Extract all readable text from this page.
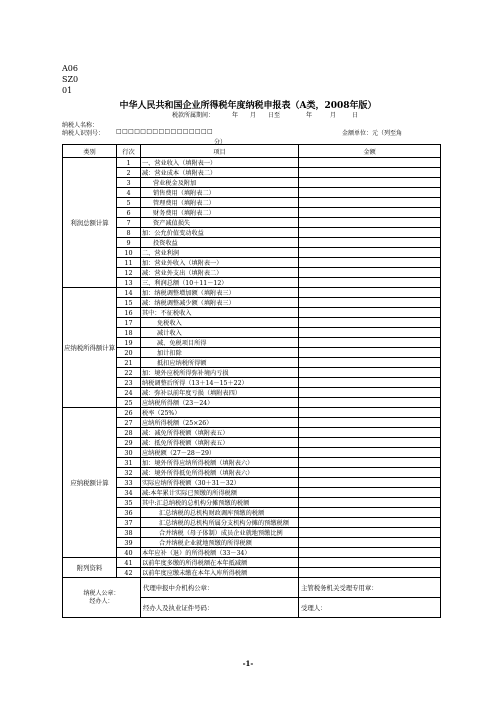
A06
SZ0
01
中华人民共和国企业所得税年度纳税申报表（A类，2008年版）
税款所属期间：	年 月 日至	年	月	日
纳税人名称：
纳税人识别号： □□□□□□□□□□□□□□□□	金额单位：元（列至角
分）
类别	行次	项目	金额
利润总额计算	1	一、营业收入（填附表一）	
	2	减：营业成本（填附表二）	
	3	营业税金及附加	
	4	销售费用（填附表二）	
	5	管理费用（填附表二）	
	6	财务费用（填附表二）	
	7	资产减值损失	
	8	加：公允价值变动收益	
	9	投资收益	
	10	二、营业利润	
	11	加：营业外收入（填附表一）	
	12	减：营业外支出（填附表二）	
	13	三、利润总额（10＋11－12）	
应纳税所得额计算	14	加：纳税调整增加额（填附表三）	
	15	减：纳税调整减少额（填附表三）	
	16	其中：不征税收入	
	17	免税收入	
	18	减计收入	
	19	减、免税项目所得	
	20	加计扣除	
	21	抵扣应纳税所得额	
	22	加：境外应税所得弥补境内亏损	
	23	纳税调整后所得（13＋14－15＋22）	
	24	减：弥补以前年度亏损（填附表四）	
	25	应纳税所得额（23－24）	
应纳税额计算	26	税率（25%）	
	27	应纳所得税额（25×26）	
	28	减：减免所得税额（填附表五）	
	29	减：抵免所得税额（填附表五）	
	30	应纳税额（27－28－29）	
	31	加：境外所得应纳所得税额（填附表六）	
	32	减：境外所得抵免所得税额（填附表六）	
	33	实际应纳所得税额（30＋31－32）	
	34	减:本年累计实际已预缴的所得税额	
	35	其中:汇总纳税的总机构分摊预缴的税额	
	36	汇总纳税的总机构财政调库预缴的税额	
	37	汇总纳税的总机构所属分支机构分摊的预缴税额	
	38	合并纳税（母子体制）成员企业就地预缴比例	
	39	合并纳税企业就地预缴的所得税额	
	40	本年应补（退）的所得税额（33－34）	
附列资料	41	以前年度多缴的所得税额在本年抵减额	
	42	以前年度应缴未缴在本年入库所得税额	

纳税人公章：
经办人：		代理申报中介机构公章：	主管税务机关受理专用章：
		经办人及执业证件号码：	受理人：
-1-
